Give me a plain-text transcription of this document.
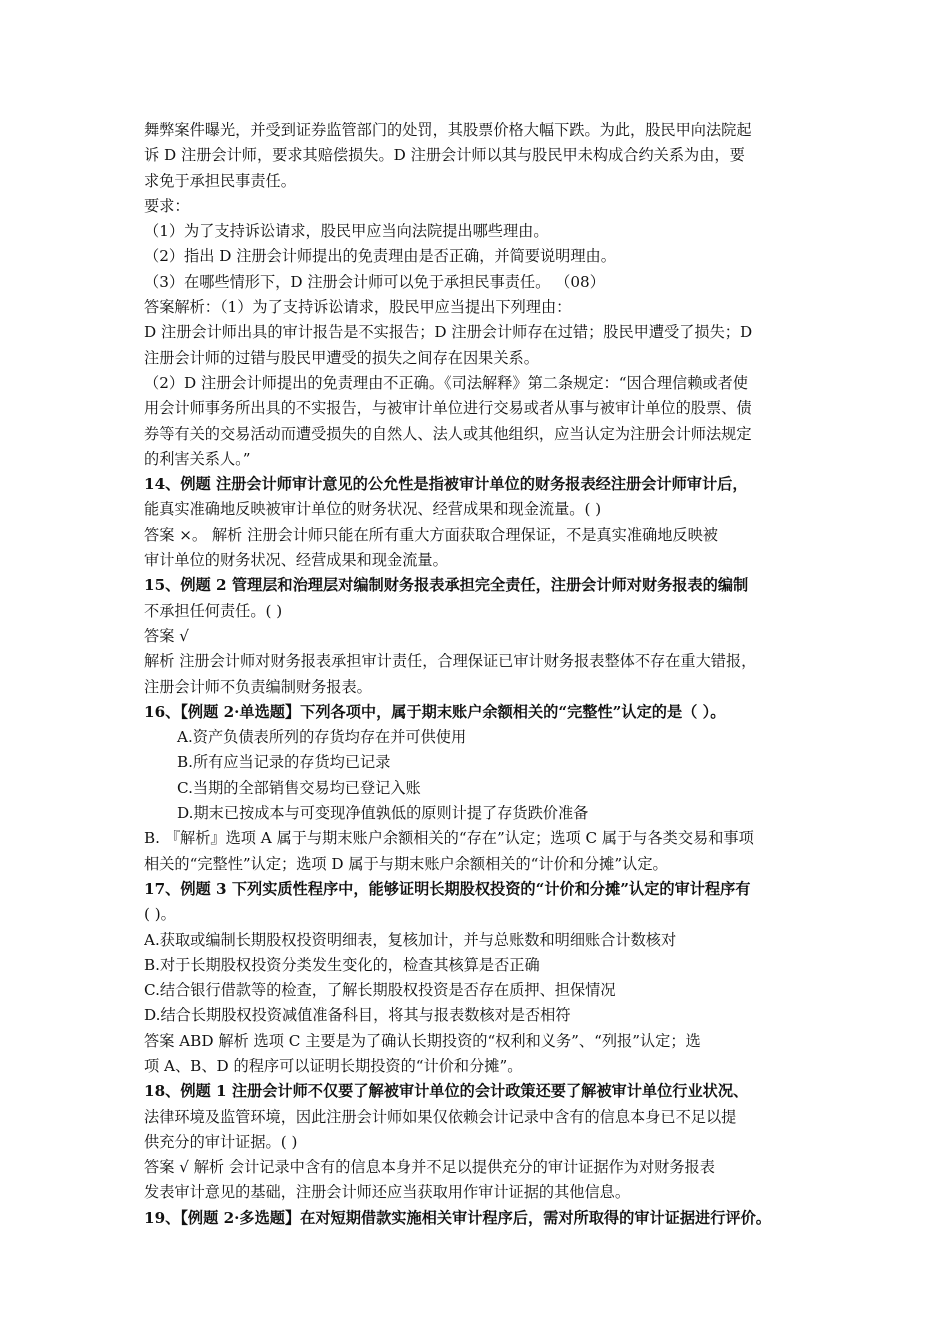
舞弊案件曝光，并受到证券监管部门的处罚，其股票价格大幅下跌。为此，股民甲向法院起
诉 D 注册会计师，要求其赔偿损失。D 注册会计师以其与股民甲未构成合约关系为由，要
求免于承担民事责任。
要求：
（1）为了支持诉讼请求，股民甲应当向法院提出哪些理由。
（2）指出 D 注册会计师提出的免责理由是否正确，并简要说明理由。
（3）在哪些情形下，D 注册会计师可以免于承担民事责任。 （08）
答案解析：（1）为了支持诉讼请求，股民甲应当提出下列理由：
D 注册会计师出具的审计报告是不实报告；D 注册会计师存在过错；股民甲遭受了损失；D
注册会计师的过错与股民甲遭受的损失之间存在因果关系。
（2）D 注册会计师提出的免责理由不正确。《司法解释》第二条规定：“因合理信赖或者使
用会计师事务所出具的不实报告，与被审计单位进行交易或者从事与被审计单位的股票、债
券等有关的交易活动而遭受损失的自然人、法人或其他组织，应当认定为注册会计师法规定
的利害关系人。”
14、例题 注册会计师审计意见的公允性是指被审计单位的财务报表经注册会计师审计后，
能真实准确地反映被审计单位的财务状况、经营成果和现金流量。( )
答案 ×。 解析 注册会计师只能在所有重大方面获取合理保证，不是真实准确地反映被
审计单位的财务状况、经营成果和现金流量。
15、例题 2 管理层和治理层对编制财务报表承担完全责任，注册会计师对财务报表的编制
不承担任何责任。( )
答案 √
解析 注册会计师对财务报表承担审计责任，合理保证已审计财务报表整体不存在重大错报，
注册会计师不负责编制财务报表。
16、【例题 2·单选题】下列各项中，属于期末账户余额相关的“完整性”认定的是（ ）。
A.资产负债表所列的存货均存在并可供使用
B.所有应当记录的存货均已记录
C.当期的全部销售交易均已登记入账
D.期末已按成本与可变现净值孰低的原则计提了存货跌价准备
B. 『解析』选项 A 属于与期末账户余额相关的“存在”认定；选项 C 属于与各类交易和事项
相关的“完整性”认定；选项 D 属于与期末账户余额相关的“计价和分摊”认定。
17、例题 3 下列实质性程序中，能够证明长期股权投资的“计价和分摊”认定的审计程序有
( )。
A.获取或编制长期股权投资明细表，复核加计，并与总账数和明细账合计数核对
B.对于长期股权投资分类发生变化的，检查其核算是否正确
C.结合银行借款等的检查，了解长期股权投资是否存在质押、担保情况
D.结合长期股权投资减值准备科目，将其与报表数核对是否相符
答案 ABD 解析 选项 C 主要是为了确认长期投资的“权利和义务”、“列报”认定；选
项 A、B、D 的程序可以证明长期投资的“计价和分摊”。
18、例题 1 注册会计师不仅要了解被审计单位的会计政策还要了解被审计单位行业状况、
法律环境及监管环境，因此注册会计师如果仅依赖会计记录中含有的信息本身已不足以提
供充分的审计证据。( )
答案 √ 解析 会计记录中含有的信息本身并不足以提供充分的审计证据作为对财务报表
发表审计意见的基础，注册会计师还应当获取用作审计证据的其他信息。
19、【例题 2·多选题】在对短期借款实施相关审计程序后，需对所取得的审计证据进行评价。
